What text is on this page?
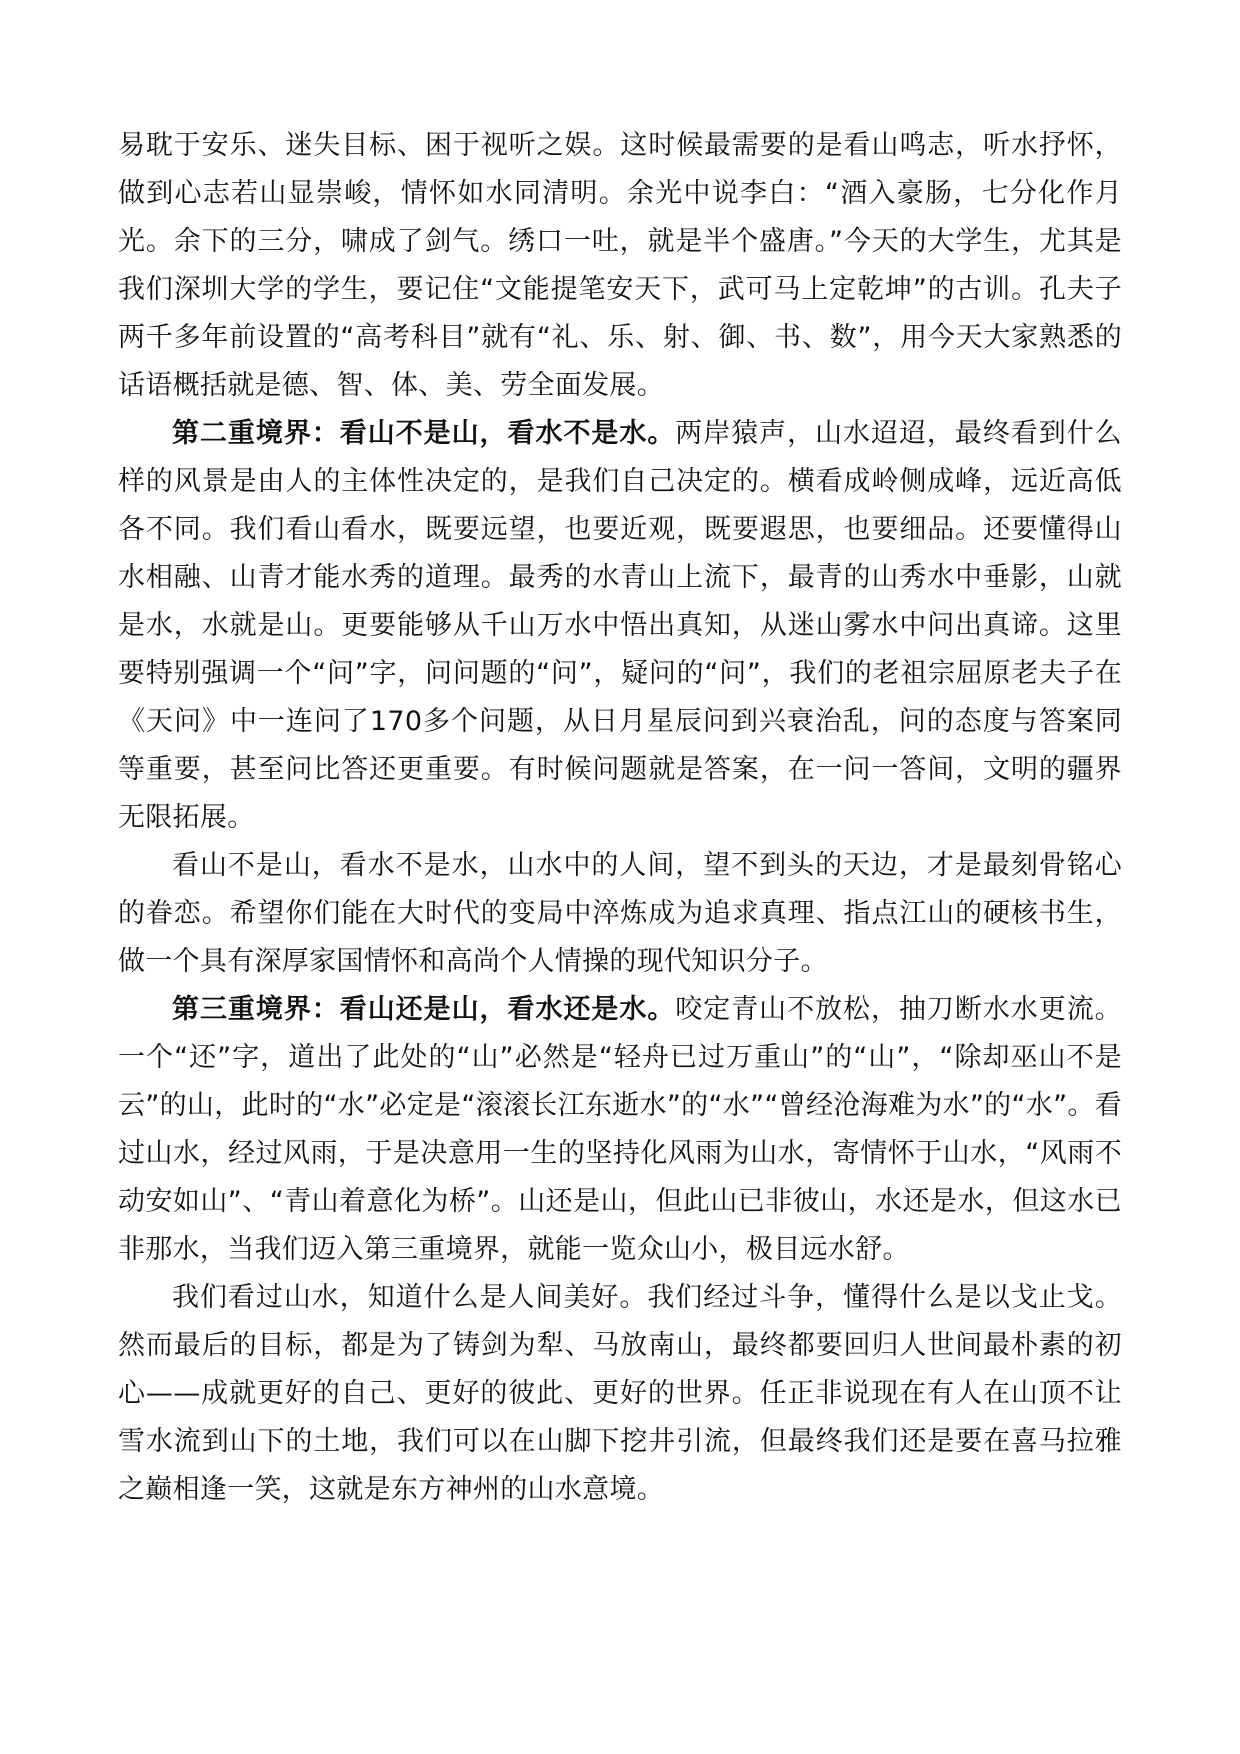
易耽于安乐、迷失目标、困于视听之娱。这时候最需要的是看山鸣志，听水抒怀，做到心志若山显崇峻，情怀如水同清明。余光中说李白：“酒入豪肠，七分化作月光。余下的三分，啸成了剑气。绣口一吐，就是半个盛唐。”今天的大学生，尤其是我们深圳大学的学生，要记住“文能提笔安天下，武可马上定乾坤”的古训。孔夫子两千多年前设置的“高考科目”就有“礼、乐、射、御、书、数”，用今天大家熟悉的话语概括就是德、智、体、美、劳全面发展。

第二重境界：看山不是山，看水不是水。两岸猿声，山水迢迢，最终看到什么样的风景是由人的主体性决定的，是我们自己决定的。横看成岭侧成峰，远近高低各不同。我们看山看水，既要远望，也要近观，既要遐思，也要细品。还要懂得山水相融、山青才能水秀的道理。最秀的水青山上流下，最青的山秀水中垂影，山就是水，水就是山。更要能够从千山万水中悟出真知，从迷山雾水中问出真谛。这里要特别强调一个“问”字，问问题的“问”，疑问的“问”，我们的老祖宗屈原老夫子在《天问》中一连问了170多个问题，从日月星辰问到兴衰治乱，问的态度与答案同等重要，甚至问比答还更重要。有时候问题就是答案，在一问一答间，文明的疆界无限拓展。

看山不是山，看水不是水，山水中的人间，望不到头的天边，才是最刻骨铭心的眷恋。希望你们能在大时代的变局中淬炼成为追求真理、指点江山的硬核书生，做一个具有深厚家国情怀和高尚个人情操的现代知识分子。

第三重境界：看山还是山，看水还是水。咬定青山不放松，抽刀断水水更流。一个“还”字，道出了此处的“山”必然是“轻舟已过万重山”的“山”，“除却巫山不是云”的山，此时的“水”必定是“滚滚长江东逝水”的“水”“曾经沧海难为水”的“水”。看过山水，经过风雨，于是决意用一生的坚持化风雨为山水，寄情怀于山水，“风雨不动安如山”、“青山着意化为桥”。山还是山，但此山已非彼山，水还是水，但这水已非那水，当我们迈入第三重境界，就能一览众山小，极目远水舒。

我们看过山水，知道什么是人间美好。我们经过斗争，懂得什么是以戈止戈。然而最后的目标，都是为了铸剑为犁、马放南山，最终都要回归人世间最朴素的初心——成就更好的自己、更好的彼此、更好的世界。任正非说现在有人在山顶不让雪水流到山下的土地，我们可以在山脚下挖井引流，但最终我们还是要在喜马拉雅之巅相逢一笑，这就是东方神州的山水意境。
